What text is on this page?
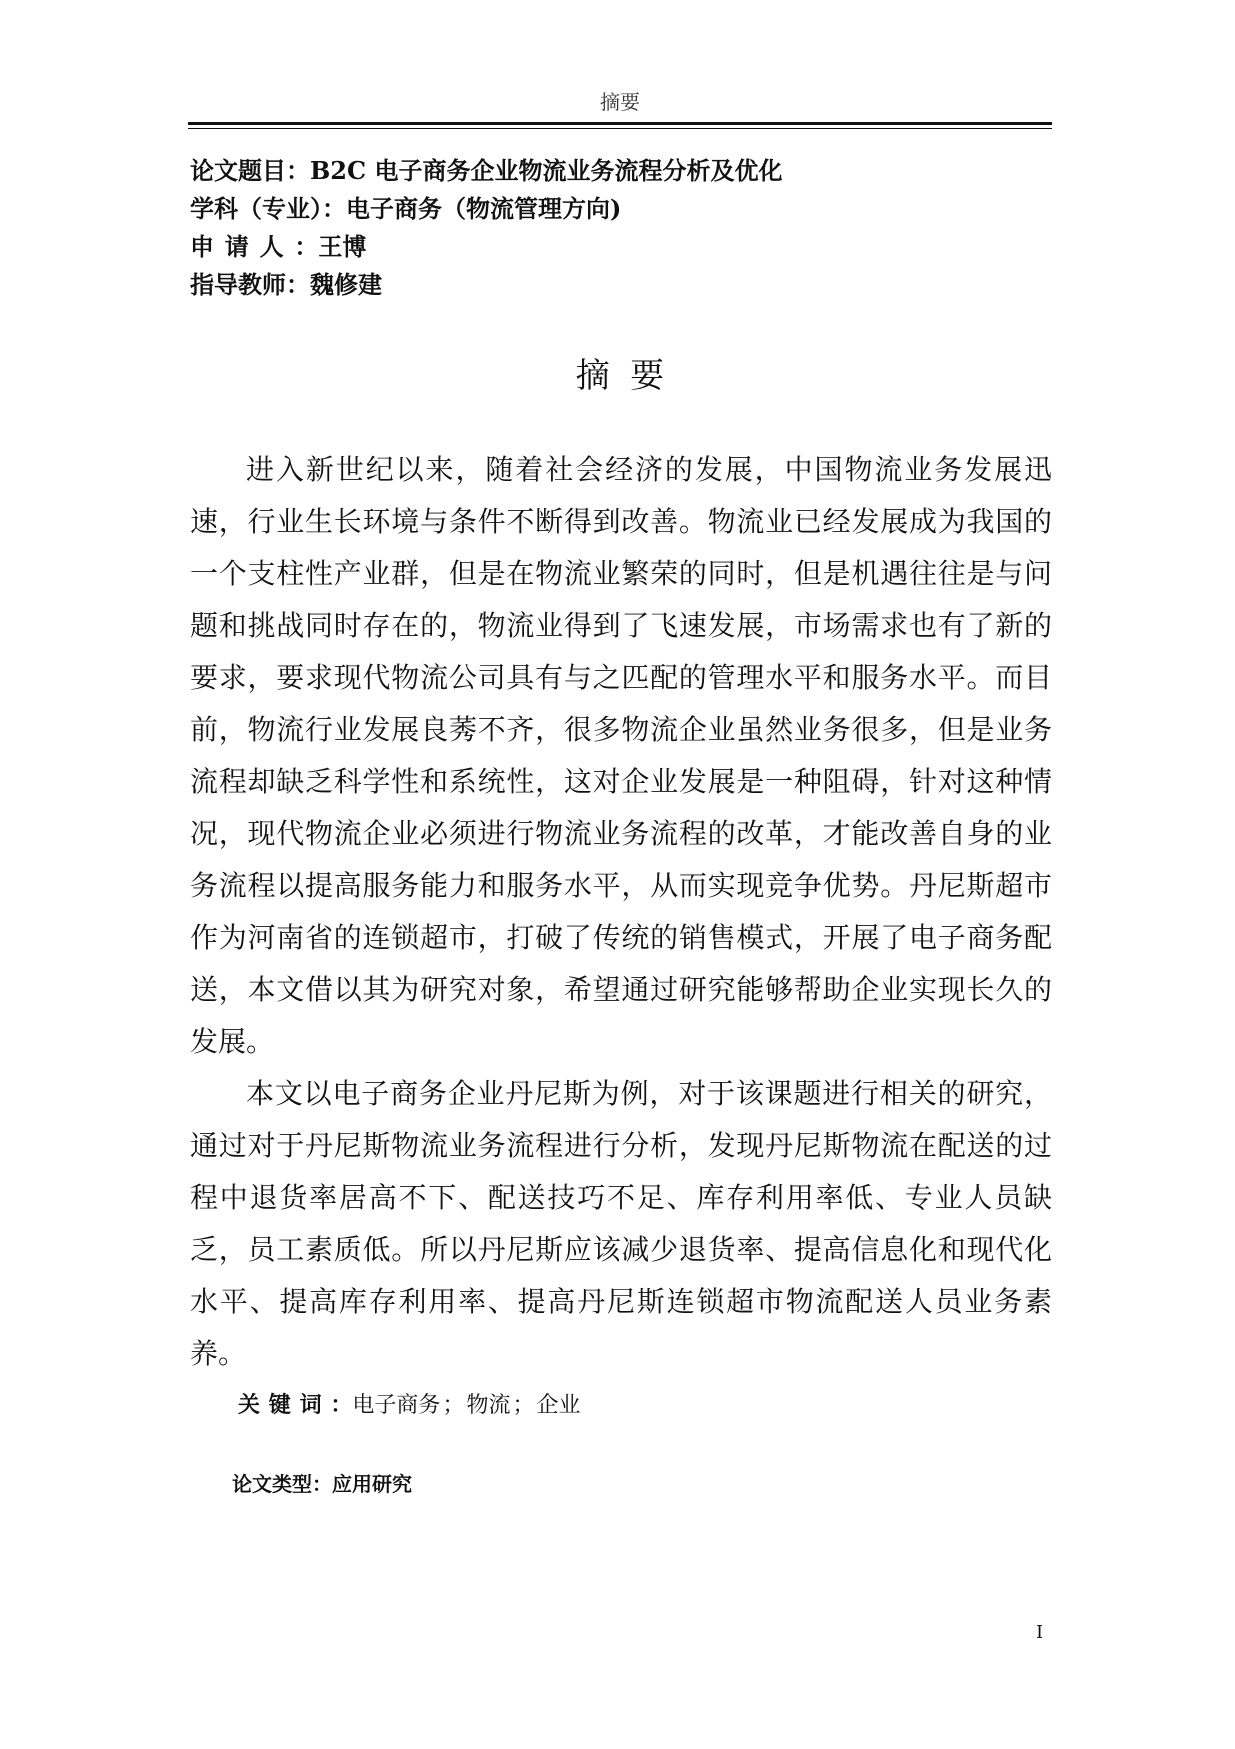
摘要
论文题目：B2C 电子商务企业物流业务流程分析及优化
学科（专业）：电子商务（物流管理方向)
申请人：王博
指导教师：魏修建
摘要

进入新世纪以来，随着社会经济的发展，中国物流业务发展迅速，行业生长环境与条件不断得到改善。物流业已经发展成为我国的一个支柱性产业群，但是在物流业繁荣的同时，但是机遇往往是与问题和挑战同时存在的，物流业得到了飞速发展，市场需求也有了新的要求，要求现代物流公司具有与之匹配的管理水平和服务水平。而目前，物流行业发展良莠不齐，很多物流企业虽然业务很多，但是业务流程却缺乏科学性和系统性，这对企业发展是一种阻碍，针对这种情况，现代物流企业必须进行物流业务流程的改革，才能改善自身的业务流程以提高服务能力和服务水平，从而实现竞争优势。丹尼斯超市作为河南省的连锁超市，打破了传统的销售模式，开展了电子商务配送，本文借以其为研究对象，希望通过研究能够帮助企业实现长久的发展。

本文以电子商务企业丹尼斯为例，对于该课题进行相关的研究，通过对于丹尼斯物流业务流程进行分析，发现丹尼斯物流在配送的过程中退货率居高不下、配送技巧不足、库存利用率低、专业人员缺乏，员工素质低。所以丹尼斯应该减少退货率、提高信息化和现代化水平、提高库存利用率、提高丹尼斯连锁超市物流配送人员业务素养。

关键词：电子商务；物流；企业
论文类型：应用研究
I
